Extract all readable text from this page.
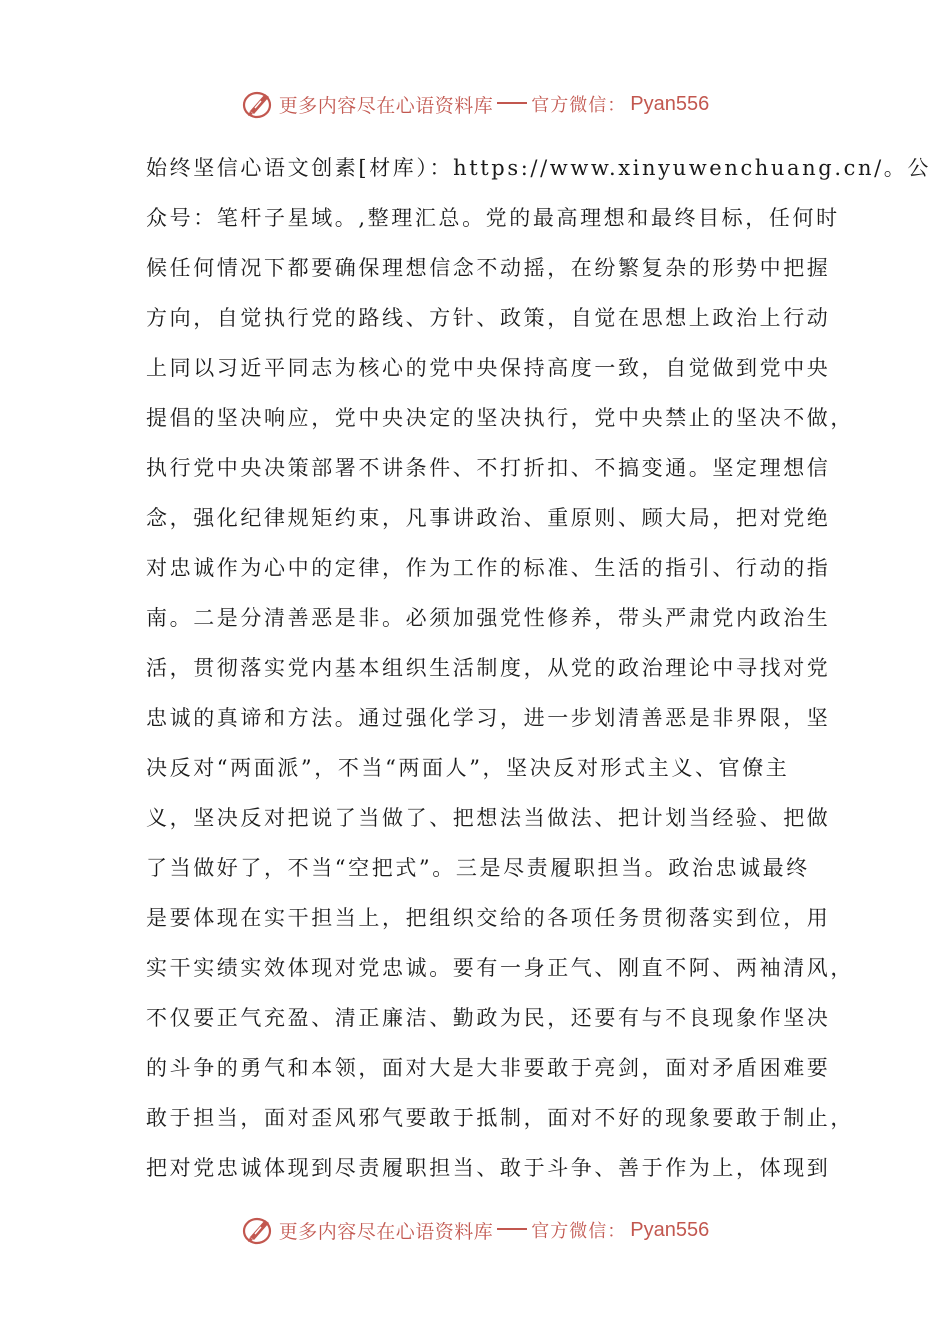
更多内容尽在心语资料库 官方微信： Pyan556
始终坚信心语文创素[材库）：https://www.xinyuwenchuang.cn/。公
众号：笔杆子星域。,整理汇总。党的最高理想和最终目标，任何时
候任何情况下都要确保理想信念不动摇，在纷繁复杂的形势中把握
方向，自觉执行党的路线、方针、政策，自觉在思想上政治上行动
上同以习近平同志为核心的党中央保持高度一致，自觉做到党中央
提倡的坚决响应，党中央决定的坚决执行，党中央禁止的坚决不做，
执行党中央决策部署不讲条件、不打折扣、不搞变通。坚定理想信
念，强化纪律规矩约束，凡事讲政治、重原则、顾大局，把对党绝
对忠诚作为心中的定律，作为工作的标准、生活的指引、行动的指
南。二是分清善恶是非。必须加强党性修养，带头严肃党内政治生
活，贯彻落实党内基本组织生活制度，从党的政治理论中寻找对党
忠诚的真谛和方法。通过强化学习，进一步划清善恶是非界限，坚
决反对“两面派”，不当“两面人”，坚决反对形式主义、官僚主
义，坚决反对把说了当做了、把想法当做法、把计划当经验、把做
了当做好了，不当“空把式”。三是尽责履职担当。政治忠诚最终
是要体现在实干担当上，把组织交给的各项任务贯彻落实到位，用
实干实绩实效体现对党忠诚。要有一身正气、刚直不阿、两袖清风，
不仅要正气充盈、清正廉洁、勤政为民，还要有与不良现象作坚决
的斗争的勇气和本领，面对大是大非要敢于亮剑，面对矛盾困难要
敢于担当，面对歪风邪气要敢于抵制，面对不好的现象要敢于制止，
把对党忠诚体现到尽责履职担当、敢于斗争、善于作为上，体现到
更多内容尽在心语资料库 官方微信： Pyan556
